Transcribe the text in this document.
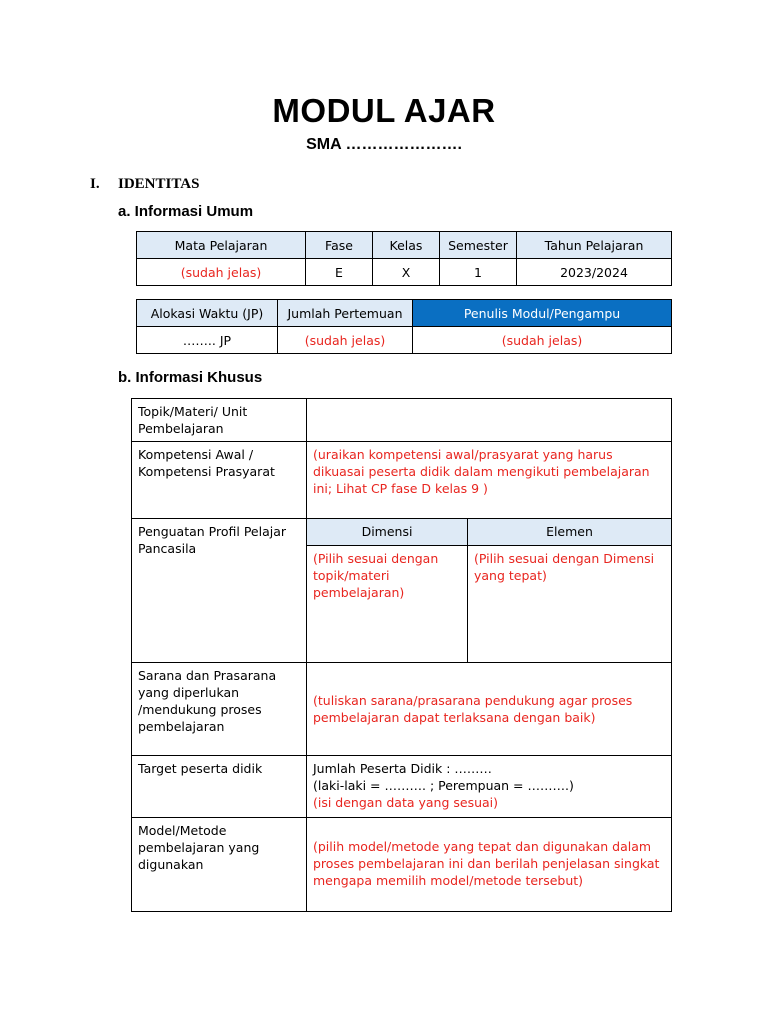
MODUL AJAR
SMA ………………….
I. IDENTITAS
a. Informasi Umum
Mata Pelajaran	Fase	Kelas	Semester	Tahun Pelajaran
(sudah jelas)	E	X	1	2023/2024
Alokasi Waktu (JP)	Jumlah Pertemuan	Penulis Modul/Pengampu
…….. JP	(sudah jelas)	(sudah jelas)
b. Informasi Khusus
Topik/Materi/ Unit Pembelajaran	
Kompetensi Awal / Kompetensi Prasyarat	(uraikan kompetensi awal/prasyarat yang harus dikuasai peserta didik dalam mengikuti pembelajaran ini; Lihat CP fase D kelas 9 )
Penguatan Profil Pelajar Pancasila	
Dimensi	Elemen
(Pilih sesuai dengan topik/materi pembelajaran)	(Pilih sesuai dengan Dimensi yang tepat)

Sarana dan Prasarana yang diperlukan /mendukung proses pembelajaran	(tuliskan sarana/prasarana pendukung agar proses pembelajaran dapat terlaksana dengan baik)
Target peserta didik	Jumlah Peserta Didik : ………
(laki-laki = ………. ; Perempuan = ……….)
(isi dengan data yang sesuai)

Model/Metode pembelajaran yang digunakan	(pilih model/metode yang tepat dan digunakan dalam proses pembelajaran ini dan berilah penjelasan singkat mengapa memilih model/metode tersebut)
